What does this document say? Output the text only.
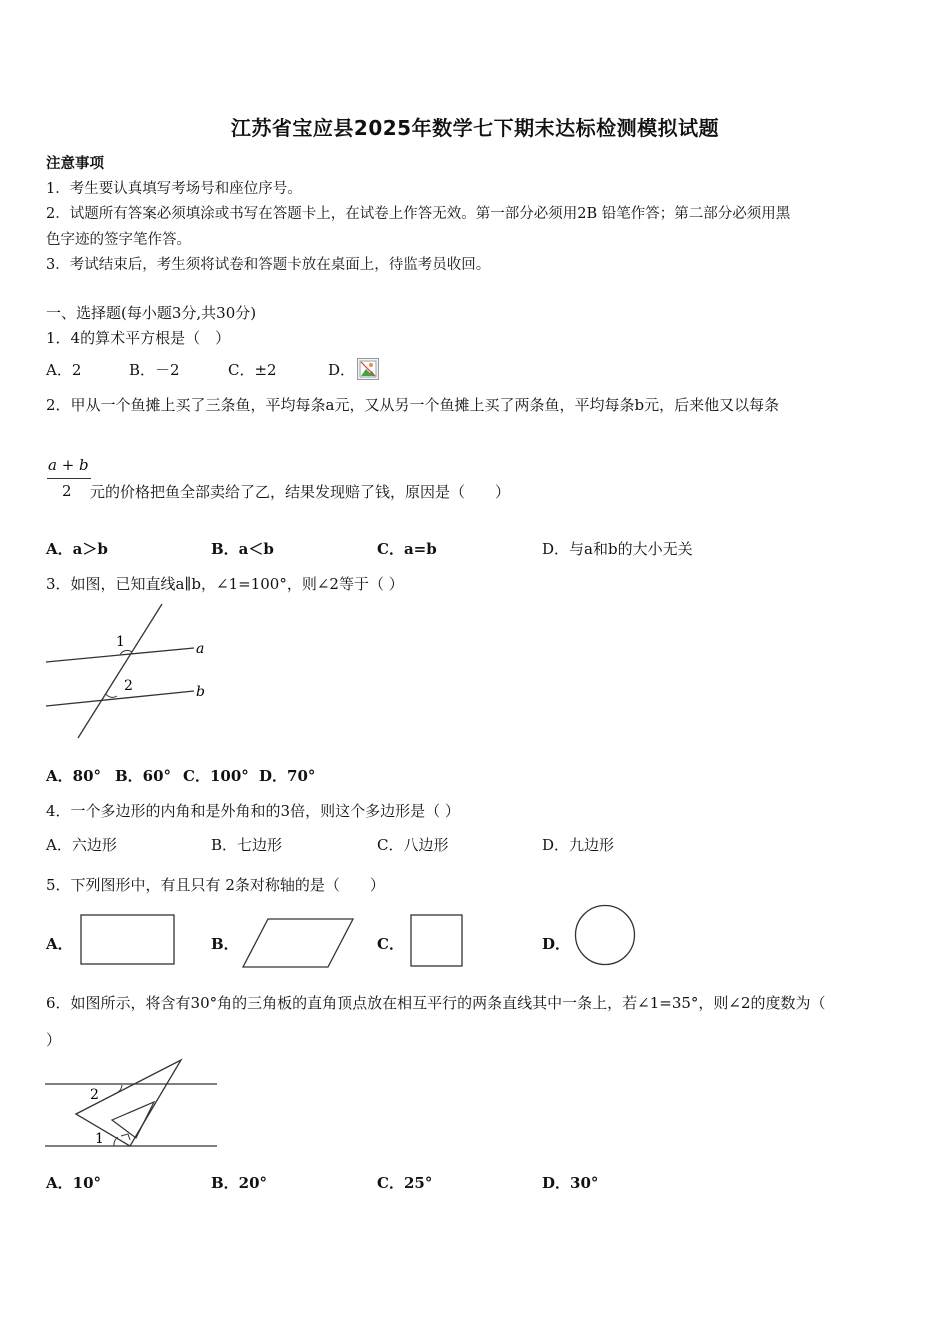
江苏省宝应县2025年数学七下期末达标检测模拟试题
注意事项
1．考生要认真填写考场号和座位序号。
2．试题所有答案必须填涂或书写在答题卡上，在试卷上作答无效。第一部分必须用2B 铅笔作答；第二部分必须用黑
色字迹的签字笔作答。
3．考试结束后，考生须将试卷和答题卡放在桌面上，待监考员收回。
一、选择题(每小题3分,共30分)
1．4的算术平方根是（　）
A．2	B．－2	C．±2	D．
2．甲从一个鱼摊上买了三条鱼，平均每条a元，又从另一个鱼摊上买了两条鱼，平均每条b元，后来他又以每条
a + b
2 元的价格把鱼全部卖给了乙，结果发现赔了钱，原因是（　　）
A．a＞b	B．a＜b	C．a=b	D．与a和b的大小无关
3．如图，已知直线a∥b，∠1=100°，则∠2等于（ ）
1
2
a
b
A．80° B．60° C．100° D．70°
4．一个多边形的内角和是外角和的3倍，则这个多边形是（ ）
A．六边形	B．七边形	C．八边形	D．九边形
5．下列图形中，有且只有 2条对称轴的是（　　）
A．	B．	C．	D．
6．如图所示，将含有30°角的三角板的直角顶点放在相互平行的两条直线其中一条上，若∠1=35°，则∠2的度数为（
）
2
1
A．10°	B．20°	C．25°	D．30°
